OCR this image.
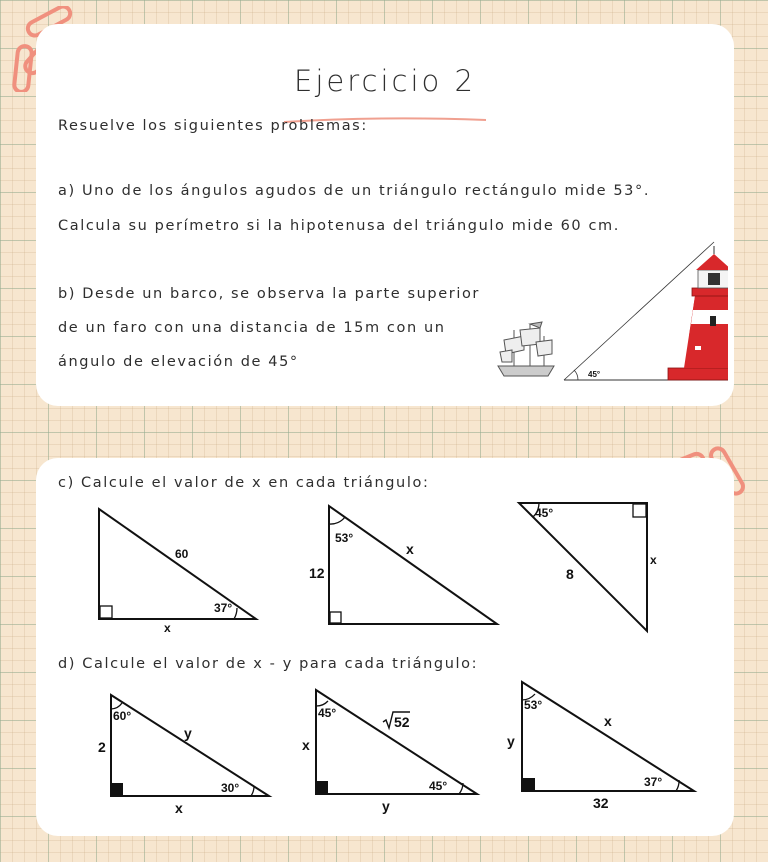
Ejercicio 2
Resuelve los siguientes problemas:
a) Uno de los ángulos agudos de un triángulo rectángulo mide 53°.
Calcula su perímetro si la hipotenusa del triángulo mide 60 cm.
b) Desde un barco, se observa la parte superior
de un faro con una distancia de 15m con un
ángulo de elevación de 45°
45°
c) Calcule el valor de x en cada triángulo:
d) Calcule el valor de x - y para cada triángulo:
60
37°
x
53°
12
x
45°
8
x
60°
2
y
30°
x
45°
x
52
45°
y
53°
y
x
37°
32
